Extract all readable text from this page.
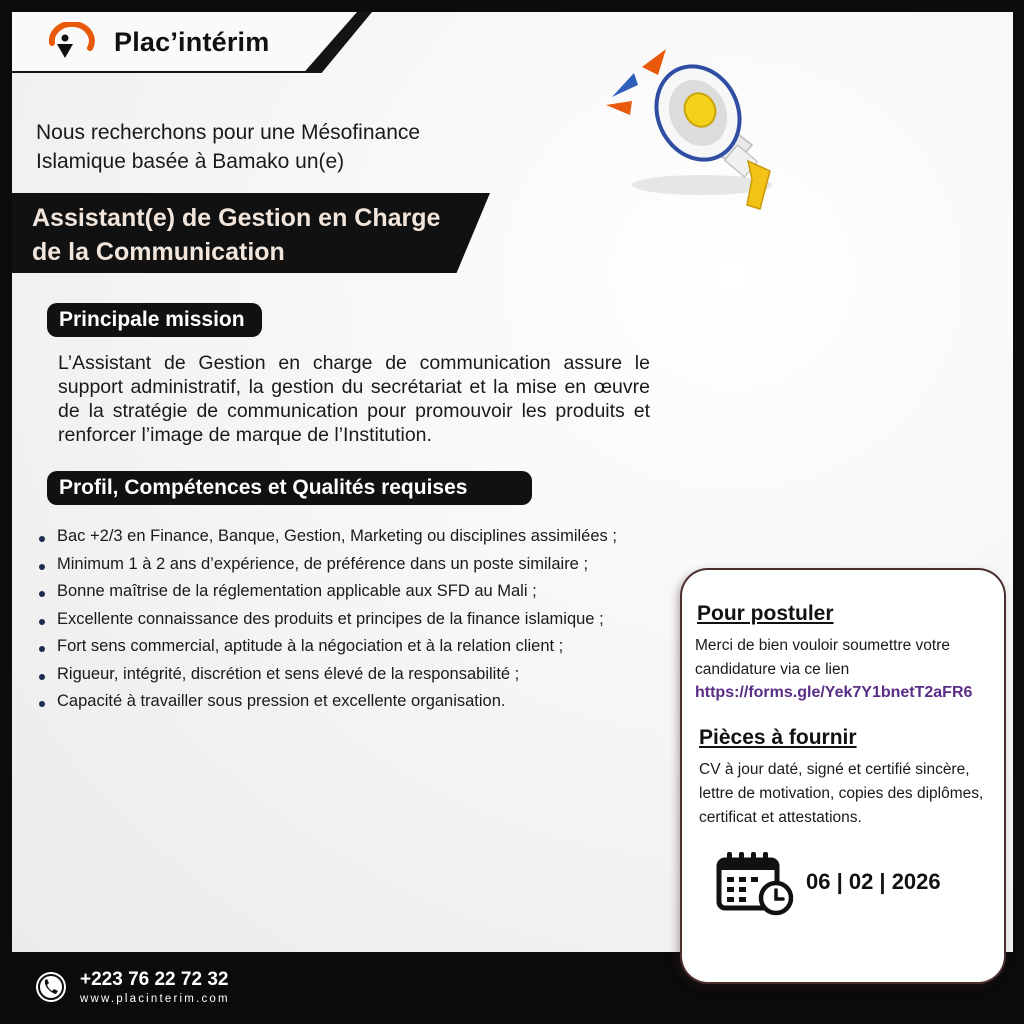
Plac’intérim
Nous recherchons pour une Mésofinance Islamique basée à Bamako un(e)
Assistant(e) de Gestion en Charge de la Communication
Principale mission
L’Assistant de Gestion en charge de communication assure le support administratif, la gestion du secrétariat et la mise en œuvre de la stratégie de communication pour promouvoir les produits et renforcer l’image de marque de l’Institution.
Profil, Compétences et Qualités requises
Bac +2/3 en Finance, Banque, Gestion, Marketing ou disciplines assimilées ;
Minimum 1 à 2 ans d’expérience, de préférence dans un poste similaire ;
Bonne maîtrise de la réglementation applicable aux SFD au Mali ;
Excellente connaissance des produits et principes de la finance islamique ;
Fort sens commercial, aptitude à la négociation et à la relation client ;
Rigueur, intégrité, discrétion et sens élevé de la responsabilité ;
Capacité à travailler sous pression et excellente organisation.
Pour postuler
Merci de bien vouloir soumettre votre candidature via ce lien
https://forms.gle/Yek7Y1bnetT2aFR6
Pièces à fournir
CV à jour daté, signé et certifié sincère, lettre de motivation, copies des diplômes, certificat et attestations.
06 | 02 | 2026
+223 76 22 72 32
www.placinterim.com
